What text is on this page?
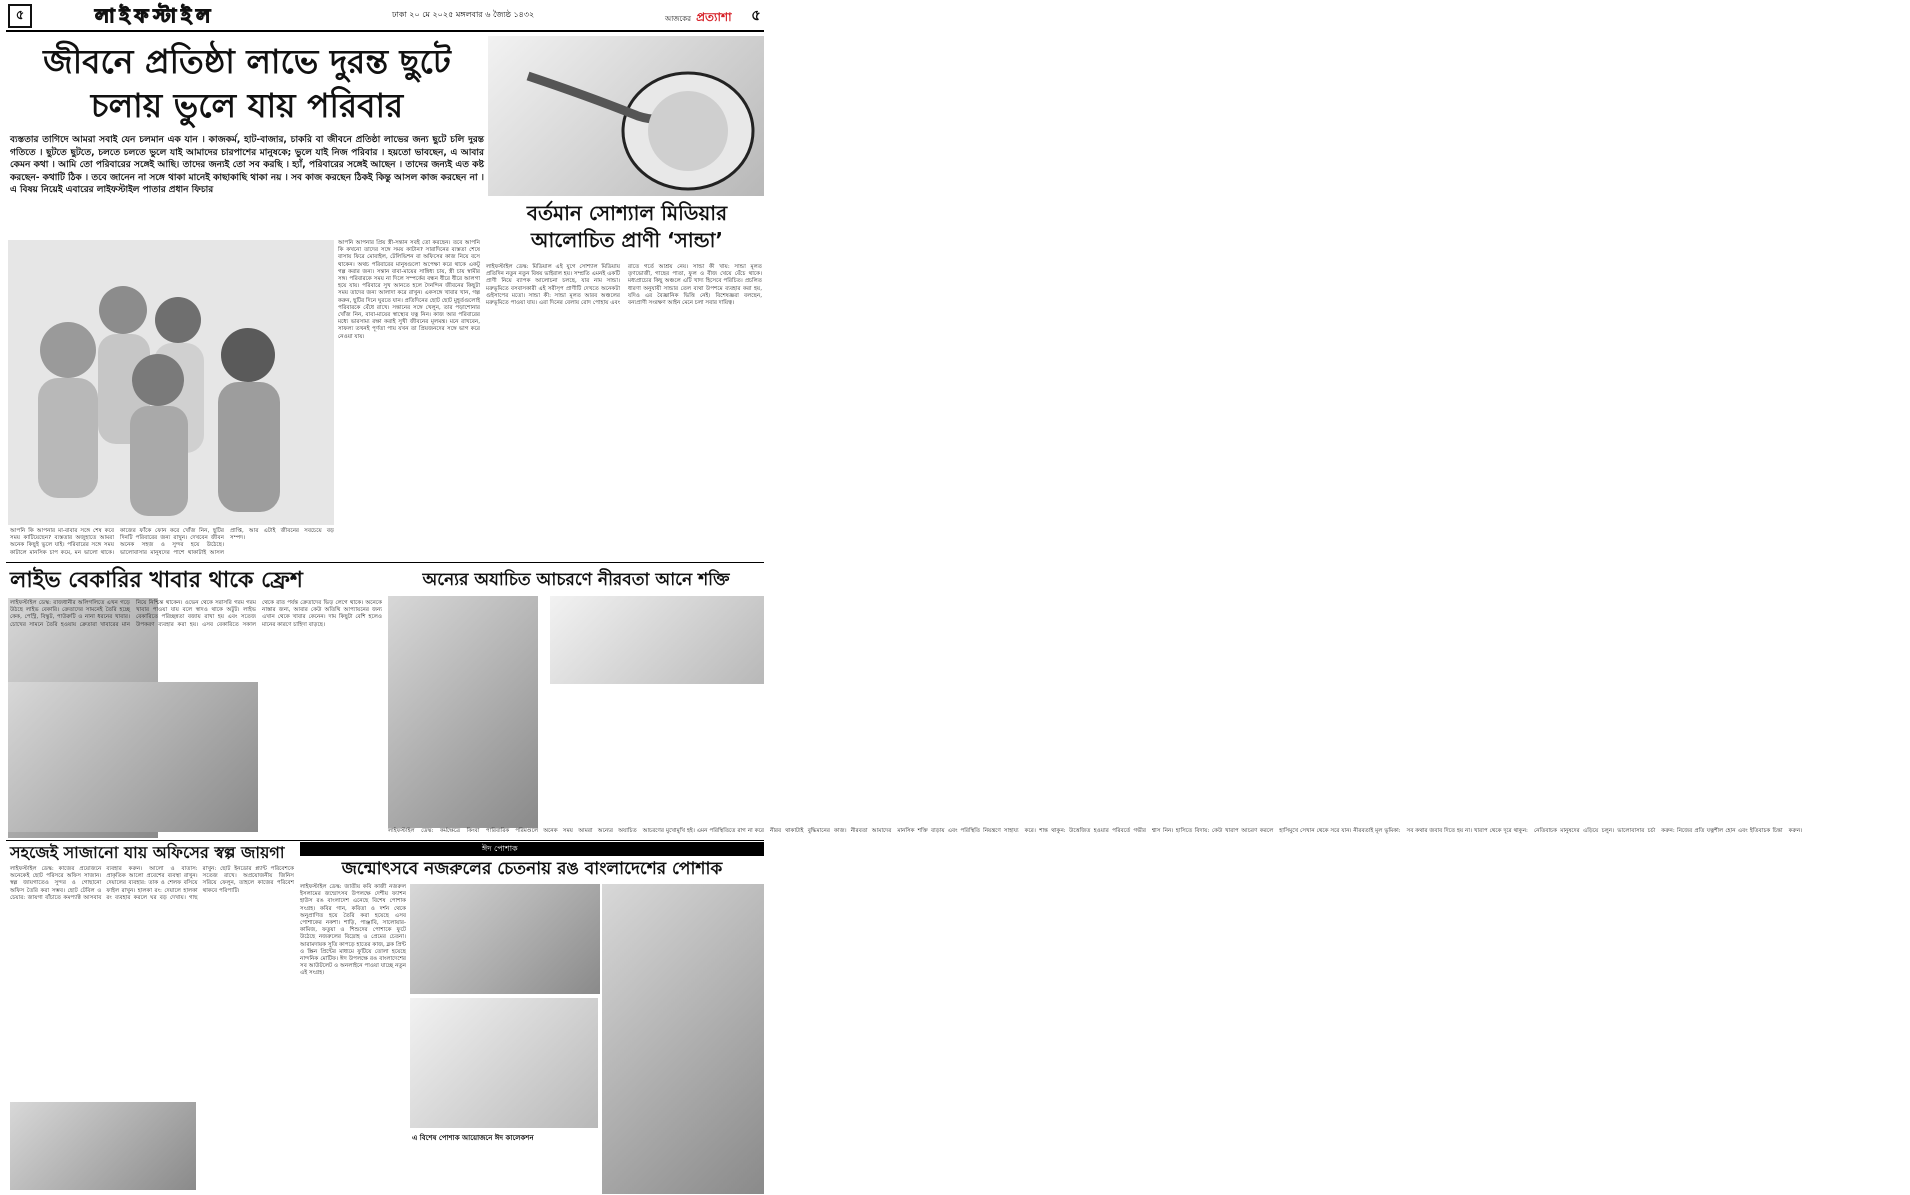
৫	লাইফস্টাইল	ঢাকা ২০ মে ২০২৫ মঙ্গলবার ৬ জ্যৈষ্ঠ ১৪৩২	আজকের প্রত্যাশা	৫
জীবনে প্রতিষ্ঠা লাভে দুরন্ত ছুটে
চলায় ভুলে যায় পরিবার
ব্যস্ততার তাগিদে আমরা সবাই যেন চলমান এক যান । কাজকর্ম, হাট-বাজার, চাকরি বা জীবনে প্রতিষ্ঠা লাভের জন্য ছুটে চলি দুরন্ত গতিতে । ছুটতে ছুটতে, চলতে চলতে ভুলে যাই আমাদের চারপাশের মানুষকে; ভুলে যাই নিজ পরিবার । হয়তো ভাবছেন, এ আবার কেমন কথা । আমি তো পরিবারের সঙ্গেই আছি। তাদের জন্যই তো সব করছি । হ্যাঁ, পরিবারের সঙ্গেই আছেন । তাদের জন্যই এত কষ্ট করছেন- কথাটি ঠিক । তবে জানেন না সঙ্গে থাকা মানেই কাছাকাছি থাকা নয় । সব কাজ করছেন ঠিকই কিন্তু আসল কাজ করছেন না । এ বিষয় নিয়েই এবারের লাইফস্টাইল পাতার প্রধান ফিচার
আপনি আপনার প্রিয় স্ত্রী-সন্তান সবই তো করছেন। তবে আপনি কি কখনো তাদের সঙ্গে সময় কাটান? সারাদিনের ব্যস্ততা শেষে বাসায় ফিরে মোবাইল, টেলিভিশন বা অফিসের কাজ নিয়ে বসে থাকেন। অথচ পরিবারের মানুষগুলো অপেক্ষা করে থাকে একটু গল্প করার জন্য। সন্তান বাবা-মায়ের সান্নিধ্য চায়, স্ত্রী চায় স্বামীর সঙ্গ। পরিবারকে সময় না দিলে সম্পর্কের বন্ধন ধীরে ধীরে আলগা হয়ে যায়। পরিবারে সুখ আনতে হলে দৈনন্দিন জীবনের কিছুটা সময় তাদের জন্য আলাদা করে রাখুন। একসঙ্গে খাবার খান, গল্প করুন, ছুটির দিনে ঘুরতে যান। প্রতিদিনের ছোট ছোট মুহূর্তগুলোই পরিবারকে বেঁধে রাখে। সন্তানের সঙ্গে খেলুন, তার পড়াশোনার খোঁজ নিন, বাবা-মায়ের স্বাস্থ্যের যত্ন নিন। কাজ আর পরিবারের মধ্যে ভারসাম্য রক্ষা করাই সুখী জীবনের মূলমন্ত্র। মনে রাখবেন, সাফল্য তখনই পূর্ণতা পায় যখন তা প্রিয়জনদের সঙ্গে ভাগ করে নেওয়া যায়।
আপনি কি আপনার মা-বাবার সঙ্গে শেষ কবে সময় কাটিয়েছেন? ব্যস্ততার অজুহাতে আমরা অনেক কিছুই ভুলে যাই। পরিবারের সঙ্গে সময় কাটালে মানসিক চাপ কমে, মন ভালো থাকে। কাজের ফাঁকে ফোন করে খোঁজ নিন, ছুটির দিনটি পরিবারের জন্য রাখুন। দেখবেন জীবন অনেক সহজ ও সুন্দর হয়ে উঠেছে। ভালোবাসার মানুষদের পাশে থাকাটাই আসল প্রাপ্তি, আর এটাই জীবনের সবচেয়ে বড় সম্পদ।
বর্তমান সোশ্যাল মিডিয়ার
আলোচিত প্রাণী ‘সান্ডা’
লাইফস্টাইল ডেস্ক: মিডিয়াল এই যুগে সোশ্যাল মিডিয়ায় প্রতিদিন নতুন নতুন বিষয় ভাইরাল হয়। সম্প্রতি এমনই একটি প্রাণী নিয়ে ব্যাপক আলোচনা চলছে, যার নাম সান্ডা। মরুভূমিতে বসবাসকারী এই সরীসৃপ প্রাণীটি দেখতে অনেকটা গুইসাপের মতো। সান্ডা কী: সান্ডা মূলত আরব অঞ্চলের মরুভূমিতে পাওয়া যায়। এরা দিনের বেলায় রোদ পোহায় এবং রাতে গর্তে আশ্রয় নেয়। সান্ডা কী খায়: সান্ডা মূলত তৃণভোজী, গাছের পাতা, ফুল ও বীজ খেয়ে বেঁচে থাকে। মধ্যপ্রাচ্যের কিছু অঞ্চলে এটি খাদ্য হিসেবে পরিচিত। প্রচলিত ধারণা অনুযায়ী সান্ডার তেল ব্যথা উপশমে ব্যবহার করা হয়, যদিও এর বৈজ্ঞানিক ভিত্তি নেই। বিশেষজ্ঞরা বলছেন, বন্যপ্রাণী সংরক্ষণ আইন মেনে চলা সবার দায়িত্ব।
লাইভ বেকারির খাবার থাকে ফ্রেশ
লাইফস্টাইল ডেস্ক: রাজধানীর অলিগলিতে এখন গড়ে উঠছে লাইভ বেকারি। ক্রেতাদের সামনেই তৈরি হচ্ছে কেক, পেস্ট্রি, বিস্কুট, পাউরুটি ও নানা ধরনের খাবার। চোখের সামনে তৈরি হওয়ায় ক্রেতারা খাবারের মান নিয়ে নিশ্চিন্ত থাকেন। ওভেন থেকে সরাসরি গরম গরম খাবার পাওয়া যায় বলে স্বাদও থাকে অটুট। লাইভ বেকারিতে পরিচ্ছন্নতা বজায় রাখা হয় এবং সতেজ উপকরণ ব্যবহার করা হয়। এসব বেকারিতে সকাল থেকে রাত পর্যন্ত ক্রেতাদের ভিড় লেগে থাকে। অনেকে নাস্তার জন্য, আবার কেউ অতিথি আপ্যায়নের জন্য এখান থেকে খাবার কেনেন। দাম কিছুটা বেশি হলেও মানের কারণে চাহিদা বাড়ছে।
অন্যের অযাচিত আচরণে নীরবতা আনে শক্তি
লাইফস্টাইল ডেস্ক: কর্মক্ষেত্রে কিংবা পারিবারিক পরিমণ্ডলে অনেক সময় আমরা অন্যের অযাচিত আচরণের মুখোমুখি হই। এমন পরিস্থিতিতে রাগ না করে নীরব থাকাটাই বুদ্ধিমানের কাজ। নীরবতা আমাদের মানসিক শক্তি বাড়ায় এবং পরিস্থিতি নিয়ন্ত্রণে সাহায্য করে। শান্ত থাকুন: উত্তেজিত হওয়ার পরিবর্তে গভীর শ্বাস নিন। হাসিতে বিদায়: কেউ খারাপ আচরণ করলে হাসিমুখে সেখান থেকে সরে যান। নীরবতাই মূল ভূমিকা: সব কথার জবাব দিতে হয় না। খারাপ থেকে দূরে থাকুন: নেতিবাচক মানুষদের এড়িয়ে চলুন। ভালোবাসার চর্চা করুন: নিজের প্রতি যত্নশীল হোন এবং ইতিবাচক চিন্তা করুন।
সহজেই সাজানো যায় অফিসের স্বল্প জায়গা
লাইফস্টাইল ডেস্ক: কাজের প্রয়োজনে অনেকেই ছোট পরিসরে অফিস সাজান। স্বল্প জায়গাতেও সুন্দর ও গোছানো অফিস তৈরি করা সম্ভব। ছোট টেবিল ও চেয়ার: জায়গা বাঁচাতে কমপ্যাক্ট আসবাব ব্যবহার করুন। আলো ও বাতাস: প্রাকৃতিক আলো প্রবেশের ব্যবস্থা রাখুন। দেয়ালের ব্যবহার: তাক ও শেলফ বসিয়ে ফাইল রাখুন। হালকা রং: দেয়ালে হালকা রং ব্যবহার করলে ঘর বড় দেখায়। গাছ রাখুন: ছোট ইনডোর প্ল্যান্ট পরিবেশকে সতেজ রাখে। অপ্রয়োজনীয় জিনিস সরিয়ে ফেলুন, তাহলে কাজের পরিবেশ থাকবে পরিপাটি।
ঈদ পোশাক
জন্মোৎসবে নজরুলের চেতনায় রঙ বাংলাদেশের পোশাক
লাইফস্টাইল ডেস্ক: জাতীয় কবি কাজী নজরুল ইসলামের জন্মোৎসব উপলক্ষে দেশীয় ফ্যাশন হাউস রঙ বাংলাদেশ এনেছে বিশেষ পোশাক সংগ্রহ। কবির গান, কবিতা ও দর্শন থেকে অনুপ্রাণিত হয়ে তৈরি করা হয়েছে এসব পোশাকের নকশা। শাড়ি, পাঞ্জাবি, সালোয়ার-কামিজ, ফতুয়া ও শিশুদের পোশাকে ফুটে উঠেছে নজরুলের বিদ্রোহ ও প্রেমের চেতনা। আরামদায়ক সুতি কাপড়ে হাতের কাজ, ব্লক প্রিন্ট ও স্ক্রিন প্রিন্টের মাধ্যমে ফুটিয়ে তোলা হয়েছে নান্দনিক মোটিফ। ঈদ উপলক্ষে রঙ বাংলাদেশের সব আউটলেট ও অনলাইনে পাওয়া যাচ্ছে নতুন এই সংগ্রহ।
এ বিশেষ পোশাক আয়োজনে ঈদ কালেকশন
